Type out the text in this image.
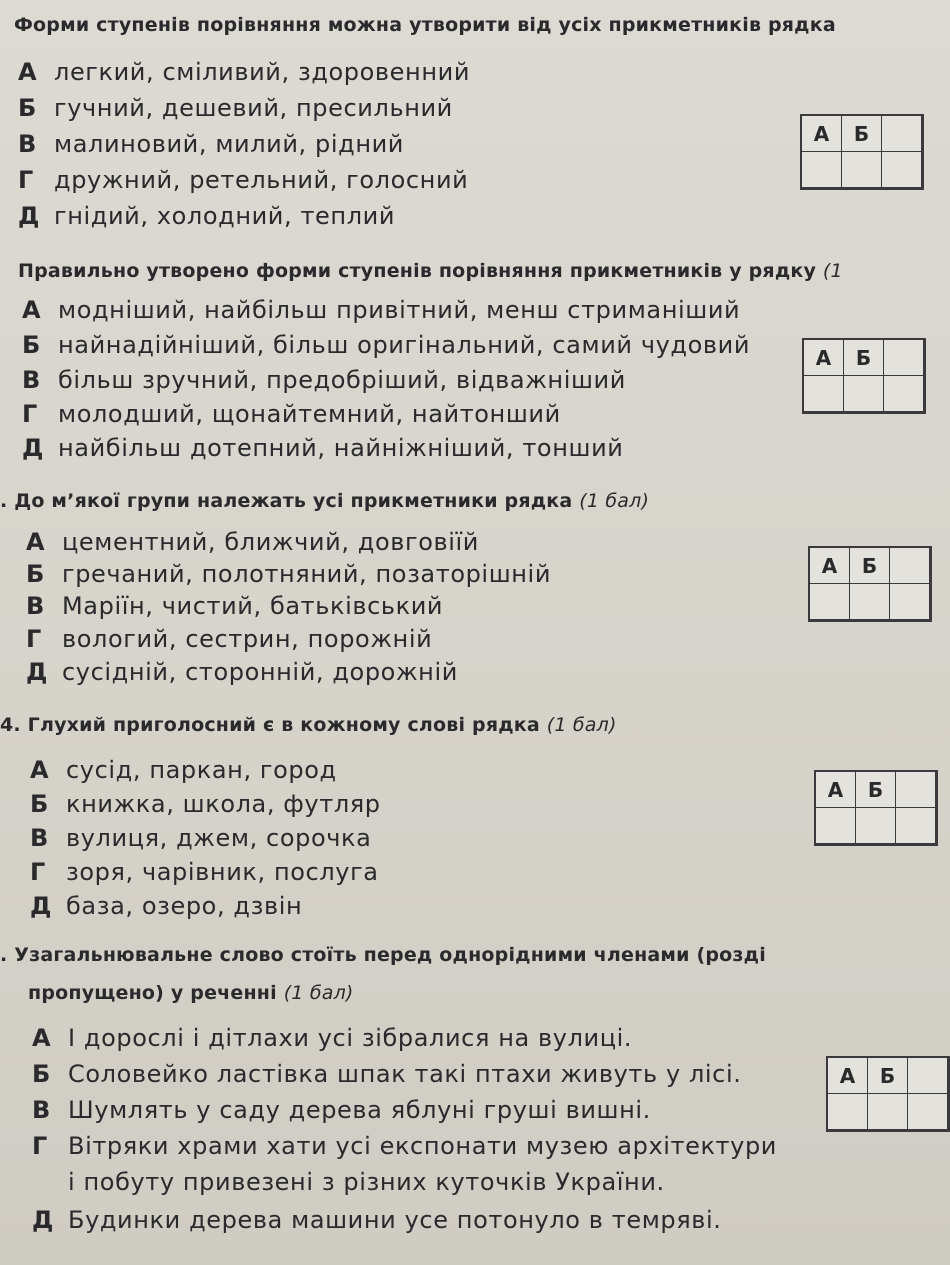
Форми ступенів порівняння можна утворити від усіх прикметників рядка
А легкий, сміливий, здоровенний
Б гучний, дешевий, пресильний
В малиновий, милий, рідний
Г дружний, ретельний, голосний
Д гнідий, холодний, теплий
А	Б
Правильно утворено форми ступенів порівняння прикметників у рядку (1
А модніший, найбільш привітний, менш стриманіший
Б найнадійніший, більш оригінальний, самий чудовий
В більш зручний, предобріший, відважніший
Г молодший, щонайтемний, найтонший
Д найбільш дотепний, найніжніший, тонший
А	Б
. До м’якої групи належать усі прикметники рядка (1 бал)
А цементний, ближчий, довговіїй
Б гречаний, полотняний, позаторішній
В Маріїн, чистий, батьківський
Г вологий, сестрин, порожній
Д сусідній, сторонній, дорожній
А	Б
4. Глухий приголосний є в кожному слові рядка (1 бал)
А сусід, паркан, город
Б книжка, школа, футляр
В вулиця, джем, сорочка
Г зоря, чарівник, послуга
Д база, озеро, дзвін
А	Б
. Узагальнювальне слово стоїть перед однорідними членами (розді
пропущено) у реченні (1 бал)
А І дорослі і дітлахи усі зібралися на вулиці.
Б Соловейко ластівка шпак такі птахи живуть у лісі.
В Шумлять у саду дерева яблуні груші вишні.
Г Вітряки храми хати усі експонати музею архітектури
і побуту привезені з різних куточків України.
Д Будинки дерева машини усе потонуло в темряві.
А	Б
